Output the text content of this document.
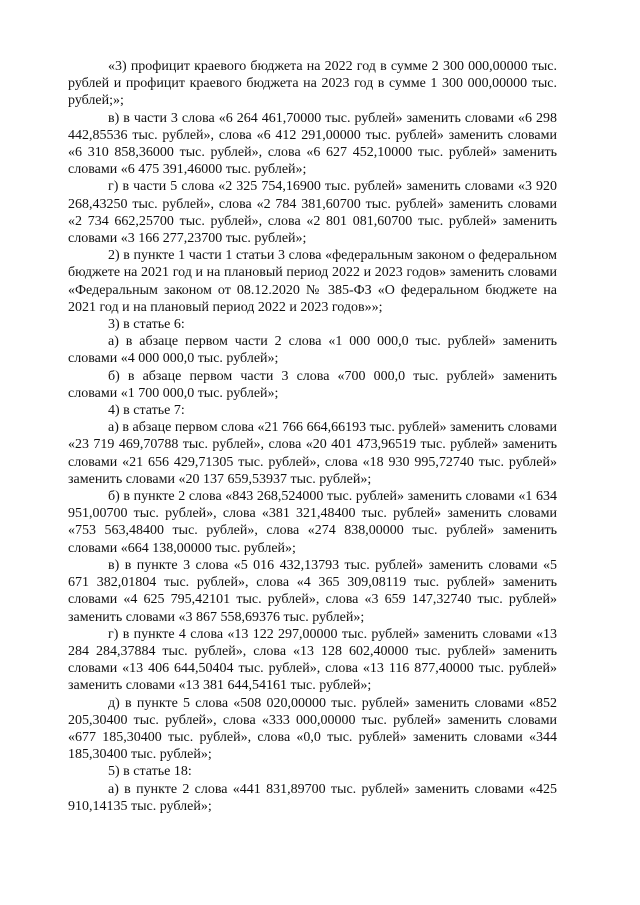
«3) профицит краевого бюджета на 2022 год в сумме 2 300 000,00000 тыс. рублей и профицит краевого бюджета на 2023 год в сумме 1 300 000,00000 тыс. рублей;»;

в) в части 3 слова «6 264 461,70000 тыс. рублей» заменить словами «6 298 442,85536 тыс. рублей», слова «6 412 291,00000 тыс. рублей» заменить словами «6 310 858,36000 тыс. рублей», слова «6 627 452,10000 тыс. рублей» заменить словами «6 475 391,46000 тыс. рублей»;

г) в части 5 слова «2 325 754,16900 тыс. рублей» заменить словами «3 920 268,43250 тыс. рублей», слова «2 784 381,60700 тыс. рублей» заменить словами «2 734 662,25700 тыс. рублей», слова «2 801 081,60700 тыс. рублей» заменить словами «3 166 277,23700 тыс. рублей»;

2) в пункте 1 части 1 статьи 3 слова «федеральным законом о федеральном бюджете на 2021 год и на плановый период 2022 и 2023 годов» заменить словами «Федеральным законом от 08.12.2020 № 385-ФЗ «О федеральном бюджете на 2021 год и на плановый период 2022 и 2023 годов»»;

3) в статье 6:

а) в абзаце первом части 2 слова «1 000 000,0 тыс. рублей» заменить словами «4 000 000,0 тыс. рублей»;

б) в абзаце первом части 3 слова «700 000,0 тыс. рублей» заменить словами «1 700 000,0 тыс. рублей»;

4) в статье 7:

а) в абзаце первом слова «21 766 664,66193 тыс. рублей» заменить словами «23 719 469,70788 тыс. рублей», слова «20 401 473,96519 тыс. рублей» заменить словами «21 656 429,71305 тыс. рублей», слова «18 930 995,72740 тыс. рублей» заменить словами «20 137 659,53937 тыс. рублей»;

б) в пункте 2 слова «843 268,524000 тыс. рублей» заменить словами «1 634 951,00700 тыс. рублей», слова «381 321,48400 тыс. рублей» заменить словами «753 563,48400 тыс. рублей», слова «274 838,00000 тыс. рублей» заменить словами «664 138,00000 тыс. рублей»;

в) в пункте 3 слова «5 016 432,13793 тыс. рублей» заменить словами «5 671 382,01804 тыс. рублей», слова «4 365 309,08119 тыс. рублей» заменить словами «4 625 795,42101 тыс. рублей», слова «3 659 147,32740 тыс. рублей» заменить словами «3 867 558,69376 тыс. рублей»;

г) в пункте 4 слова «13 122 297,00000 тыс. рублей» заменить словами «13 284 284,37884 тыс. рублей», слова «13 128 602,40000 тыс. рублей» заменить словами «13 406 644,50404 тыс. рублей», слова «13 116 877,40000 тыс. рублей» заменить словами «13 381 644,54161 тыс. рублей»;

д) в пункте 5 слова «508 020,00000 тыс. рублей» заменить словами «852 205,30400 тыс. рублей», слова «333 000,00000 тыс. рублей» заменить словами «677 185,30400 тыс. рублей», слова «0,0 тыс. рублей» заменить словами «344 185,30400 тыс. рублей»;

5) в статье 18:

а) в пункте 2 слова «441 831,89700 тыс. рублей» заменить словами «425 910,14135 тыс. рублей»;
